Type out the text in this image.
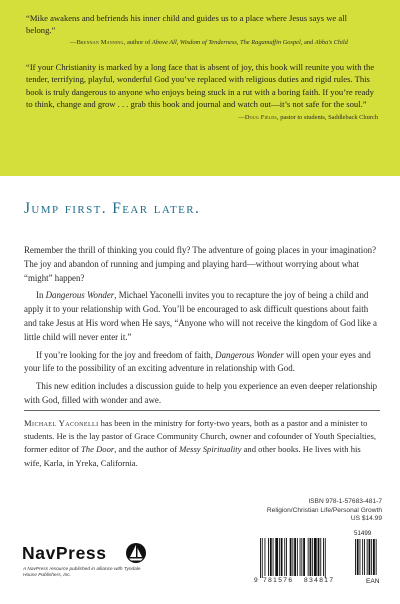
“Mike awakens and befriends his inner child and guides us to a place where Jesus says we all belong.”
—Brennan Manning, author of Above All, Wisdom of Tenderness, The Ragamuffin Gospel, and Abba’s Child
“If your Christianity is marked by a long face that is absent of joy, this book will reunite you with the tender, terrifying, playful, wonderful God you’ve replaced with religious duties and rigid rules. This book is truly dangerous to anyone who enjoys being stuck in a rut with a boring faith. If you’re ready to think, change and grow . . . grab this book and journal and watch out—it’s not safe for the soul.”
—Doug Fields, pastor to students, Saddleback Church
Jump first. Fear later.

Remember the thrill of thinking you could fly? The adventure of going places in your imagination? The joy and abandon of running and jumping and playing hard—without worrying about what “might” happen?

In Dangerous Wonder, Michael Yaconelli invites you to recapture the joy of being a child and apply it to your relationship with God. You’ll be encouraged to ask difficult questions about faith and take Jesus at His word when He says, “Anyone who will not receive the kingdom of God like a little child will never enter it.”

If you’re looking for the joy and freedom of faith, Dangerous Wonder will open your eyes and your life to the possibility of an exciting adventure in relationship with God.

This new edition includes a discussion guide to help you experience an even deeper relationship with God, filled with wonder and awe.

Michael Yaconelli has been in the ministry for forty-two years, both as a pastor and a minister to students. He is the lay pastor of Grace Community Church, owner and cofounder of Youth Specialties, former editor of The Door, and the author of Messy Spirituality and other books. He lives with his wife, Karla, in Yreka, California.
ISBN 978-1-57683-481-7
Religion/Christian Life/Personal Growth
US $14.99
51499
9 781576 834817	EAN
NavPress
A NavPress resource published in alliance with Tyndale House Publishers, Inc.
